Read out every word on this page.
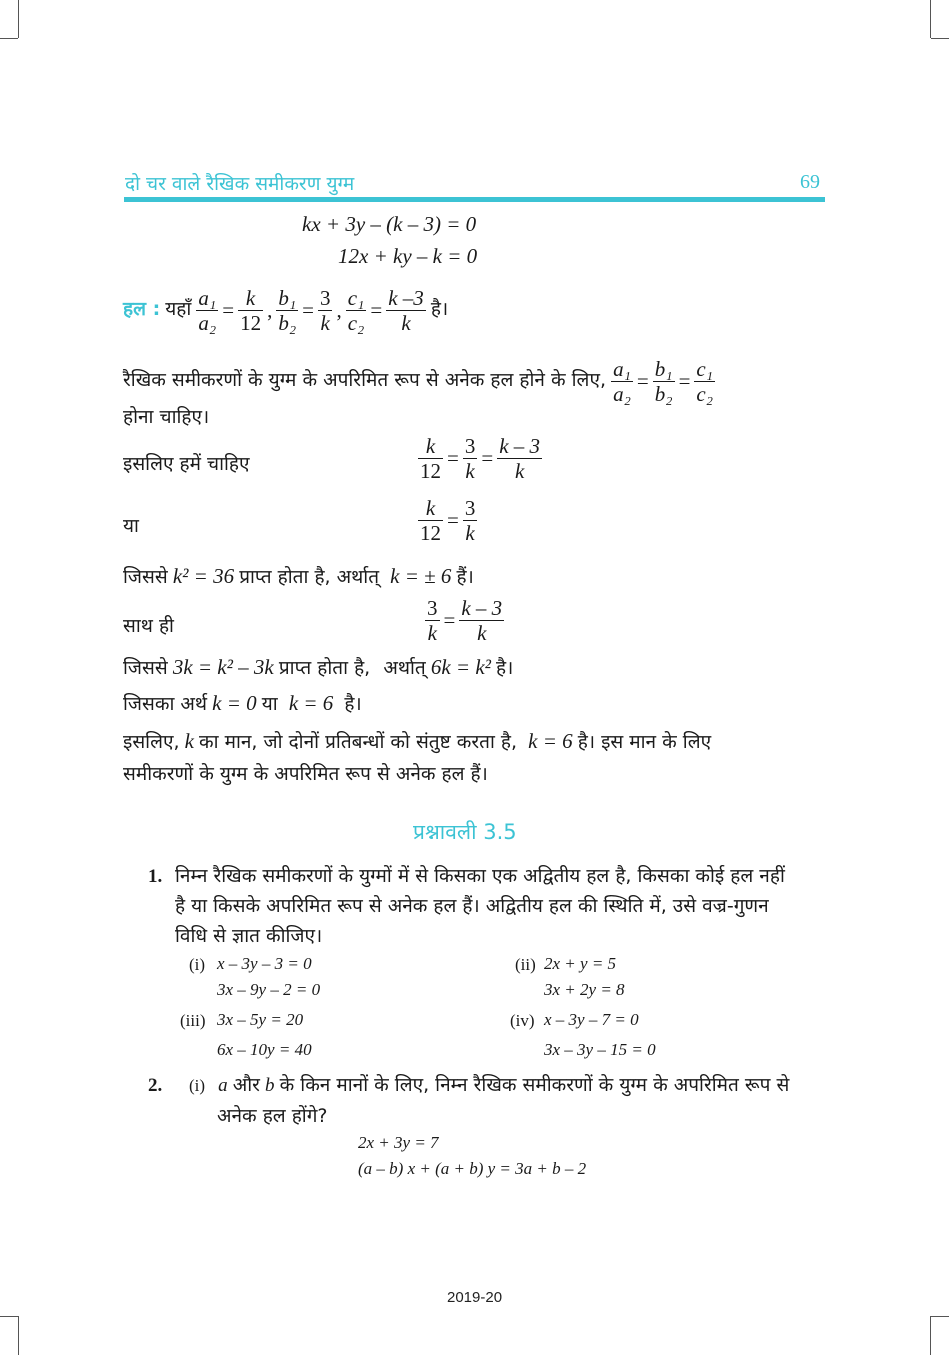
दो चर वाले रैखिक समीकरण युग्म	69
kx + 3y – (k – 3) = 0
12x + ky – k = 0
हल : यहाँ $\frac{\text{a₁}}{\text{a₂}} = \frac{k}{12}$ , $\frac{\text{b₁}}{\text{b₂}} = \frac{3}{k}$ , $\frac{\text{c₁}}{\text{c₂}} = \frac{k -3}{k}$ है।
रैखिक समीकरणों के युग्म के अपरिमित रूप से अनेक हल होने के लिए, $\frac{\text{a₁}}{\text{a₂}} = \frac{\text{b₁}}{\text{b₂}} = \frac{\text{c₁}}{\text{c₂}}$
होना चाहिए।
इसलिए हमें चाहिए	$\frac{k}{12} = \frac{3}{k} = \frac{k - 3}{k}$
या	$\frac{k}{12} = \frac{3}{k}$
जिससे k² = 36 प्राप्त होता है, अर्थात् k = ± 6 हैं।
साथ ही	$\frac{3}{k} = \frac{k - 3}{k}$
जिससे 3k = k² – 3k प्राप्त होता है, अर्थात् 6k = k² है।
जिसका अर्थ k = 0 या k = 6 है।
इसलिए, k का मान, जो दोनों प्रतिबन्धों को संतुष्ट करता है, k = 6 है। इस मान के लिए
समीकरणों के युग्म के अपरिमित रूप से अनेक हल हैं।
प्रश्नावली 3.5
1. निम्न रैखिक समीकरणों के युग्मों में से किसका एक अद्वितीय हल है, किसका कोई हल नहीं
है या किसके अपरिमित रूप से अनेक हल हैं। अद्वितीय हल की स्थिति में, उसे वज्र-गुणन
विधि से ज्ञात कीजिए।
(i) x – 3y – 3 = 0
3x – 9y – 2 = 0
(ii) 2x + y = 5
3x + 2y = 8
(iii) 3x – 5y = 20
6x – 10y = 40
(iv) x – 3y – 7 = 0
3x – 3y – 15 = 0
2. (i) a और b के किन मानों के लिए, निम्न रैखिक समीकरणों के युग्म के अपरिमित रूप से
अनेक हल होंगे?
2x + 3y = 7
(a – b) x + (a + b) y = 3a + b – 2
2019-20
